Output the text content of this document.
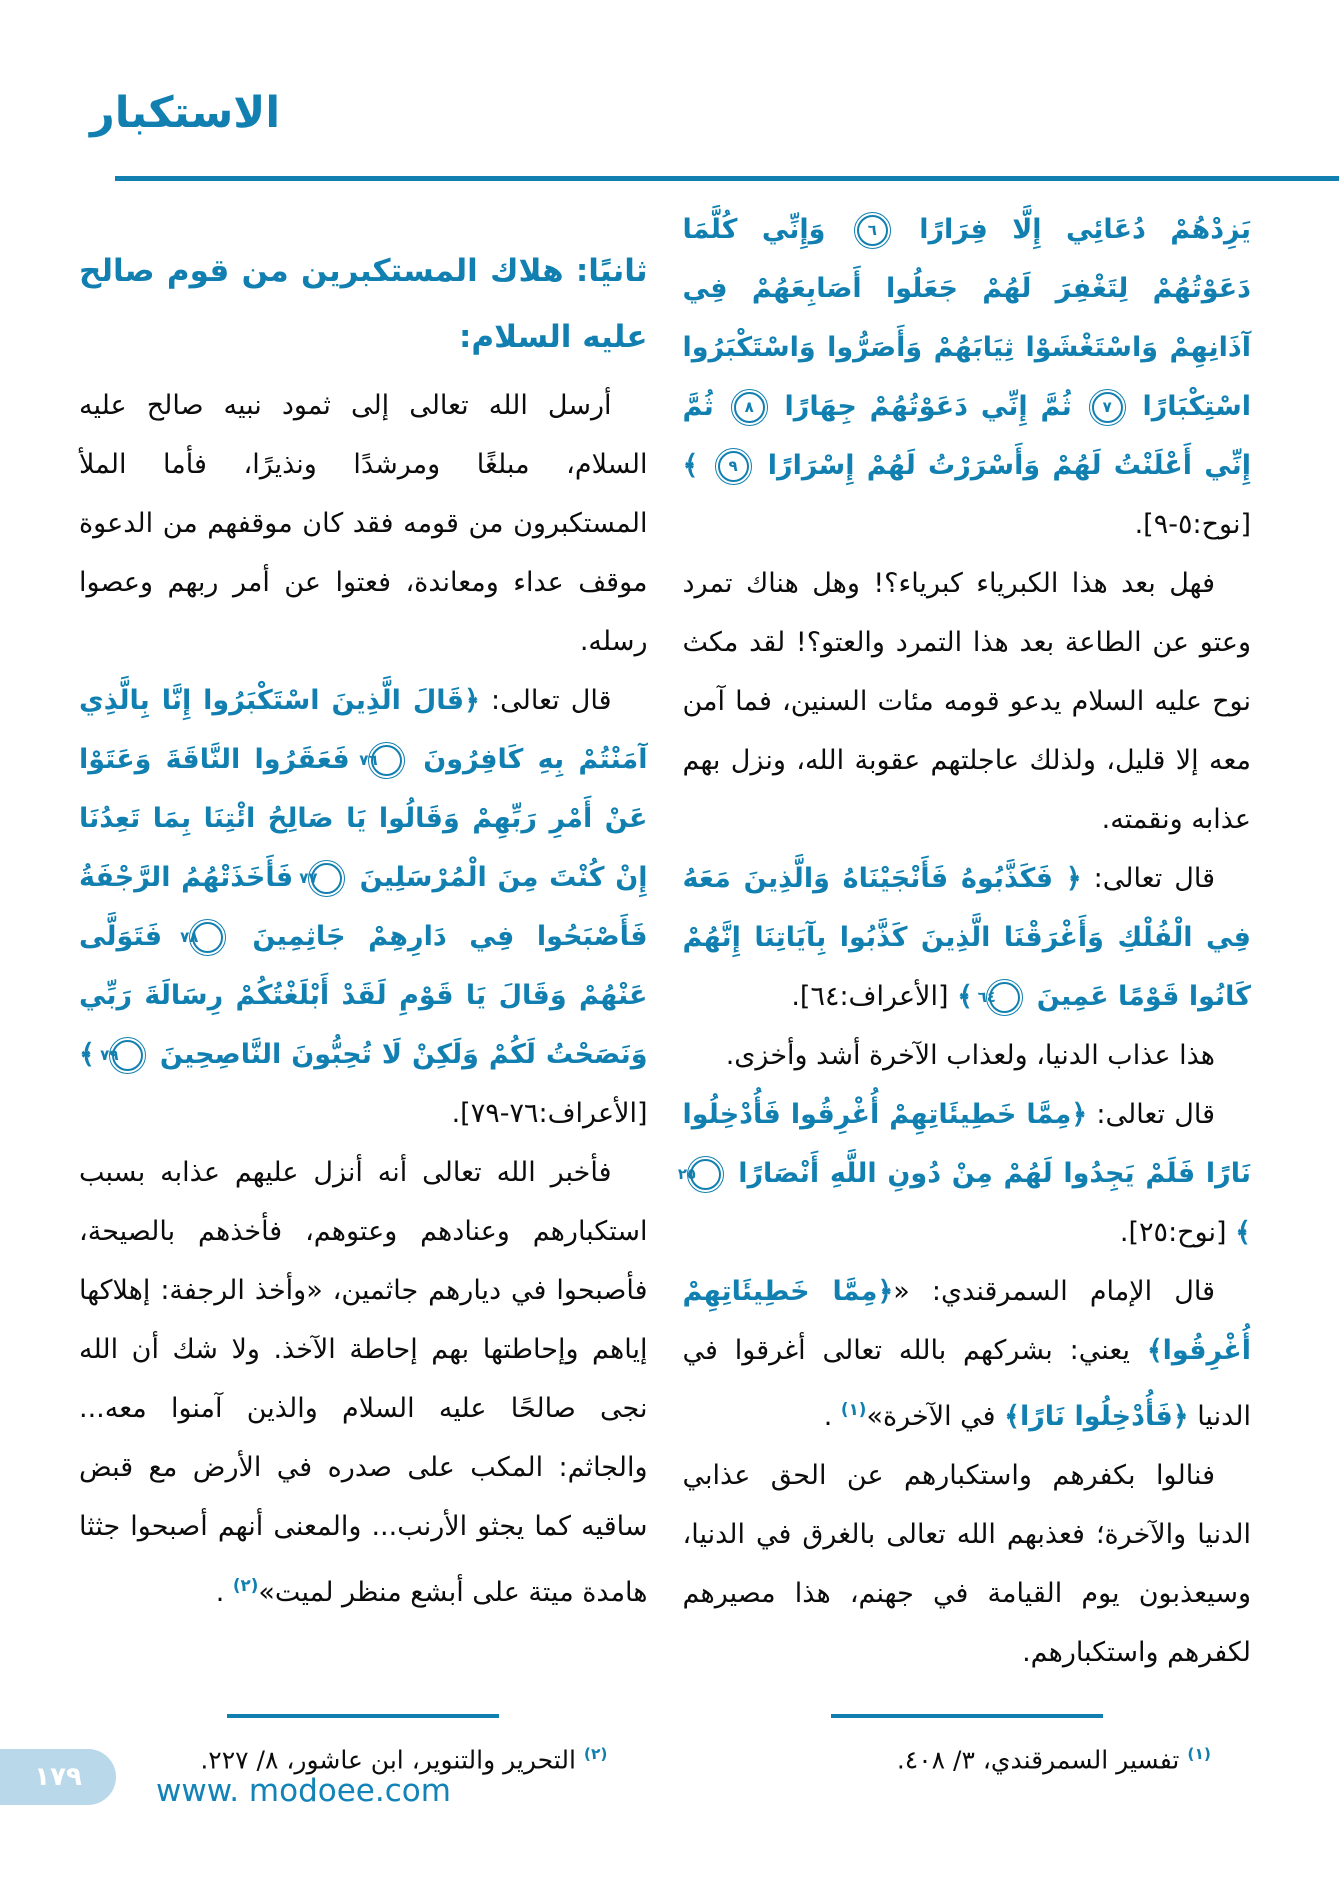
الاستكبار

يَزِدْهُمْ دُعَائِي إِلَّا فِرَارًا ٦ وَإِنِّي كُلَّمَا دَعَوْتُهُمْ لِتَغْفِرَ لَهُمْ جَعَلُوا أَصَابِعَهُمْ فِي آذَانِهِمْ وَاسْتَغْشَوْا ثِيَابَهُمْ وَأَصَرُّوا وَاسْتَكْبَرُوا اسْتِكْبَارًا ٧ ثُمَّ إِنِّي دَعَوْتُهُمْ جِهَارًا ٨ ثُمَّ إِنِّي أَعْلَنْتُ لَهُمْ وَأَسْرَرْتُ لَهُمْ إِسْرَارًا ٩ ﴾ [نوح:٥-٩].

فهل بعد هذا الكبرياء كبرياء؟! وهل هناك تمرد وعتو عن الطاعة بعد هذا التمرد والعتو؟! لقد مكث نوح عليه السلام يدعو قومه مئات السنين، فما آمن معه إلا قليل، ولذلك عاجلتهم عقوبة الله، ونزل بهم عذابه ونقمته.

قال تعالى: ﴿ فَكَذَّبُوهُ فَأَنْجَيْنَاهُ وَالَّذِينَ مَعَهُ فِي الْفُلْكِ وَأَغْرَقْنَا الَّذِينَ كَذَّبُوا بِآيَاتِنَا إِنَّهُمْ كَانُوا قَوْمًا عَمِينَ ٦٤ ﴾ [الأعراف:٦٤].

هذا عذاب الدنيا، ولعذاب الآخرة أشد وأخزى.

قال تعالى: ﴿مِمَّا خَطِيئَاتِهِمْ أُغْرِقُوا فَأُدْخِلُوا نَارًا فَلَمْ يَجِدُوا لَهُمْ مِنْ دُونِ اللَّهِ أَنْصَارًا ٢٥ ﴾ [نوح:٢٥].

قال الإمام السمرقندي: «﴿مِمَّا خَطِيئَاتِهِمْ أُغْرِقُوا﴾ يعني: بشركهم بالله تعالى أغرقوا في الدنيا ﴿فَأُدْخِلُوا نَارًا﴾ في الآخرة»$^{(١)}$ .

فنالوا بكفرهم واستكبارهم عن الحق عذابي الدنيا والآخرة؛ فعذبهم الله تعالى بالغرق في الدنيا، وسيعذبون يوم القيامة في جهنم، هذا مصيرهم لكفرهم واستكبارهم.

$^{(١)}$ تفسير السمرقندي، ٣/ ٤٠٨.

ثانيًا: هلاك المستكبرين من قوم صالح عليه السلام:

أرسل الله تعالى إلى ثمود نبيه صالح عليه السلام، مبلغًا ومرشدًا ونذيرًا، فأما الملأ المستكبرون من قومه فقد كان موقفهم من الدعوة موقف عداء ومعاندة، فعتوا عن أمر ربهم وعصوا رسله.

قال تعالى: ﴿قَالَ الَّذِينَ اسْتَكْبَرُوا إِنَّا بِالَّذِي آمَنْتُمْ بِهِ كَافِرُونَ ٧٦ فَعَقَرُوا النَّاقَةَ وَعَتَوْا عَنْ أَمْرِ رَبِّهِمْ وَقَالُوا يَا صَالِحُ ائْتِنَا بِمَا تَعِدُنَا إِنْ كُنْتَ مِنَ الْمُرْسَلِينَ ٧٧ فَأَخَذَتْهُمُ الرَّجْفَةُ فَأَصْبَحُوا فِي دَارِهِمْ جَاثِمِينَ ٧٨ فَتَوَلَّى عَنْهُمْ وَقَالَ يَا قَوْمِ لَقَدْ أَبْلَغْتُكُمْ رِسَالَةَ رَبِّي وَنَصَحْتُ لَكُمْ وَلَكِنْ لَا تُحِبُّونَ النَّاصِحِينَ ٧٩ ﴾ [الأعراف:٧٦-٧٩].

فأخبر الله تعالى أنه أنزل عليهم عذابه بسبب استكبارهم وعنادهم وعتوهم، فأخذهم بالصيحة، فأصبحوا في ديارهم جاثمين، «وأخذ الرجفة: إهلاكها إياهم وإحاطتها بهم إحاطة الآخذ. ولا شك أن الله نجى صالحًا عليه السلام والذين آمنوا معه... والجاثم: المكب على صدره في الأرض مع قبض ساقيه كما يجثو الأرنب... والمعنى أنهم أصبحوا جثثا هامدة ميتة على أبشع منظر لميت»$^{(٢)}$ .

$^{(٢)}$ التحرير والتنوير، ابن عاشور، ٨/ ٢٢٧.

١٧٩ www. modoee.com
